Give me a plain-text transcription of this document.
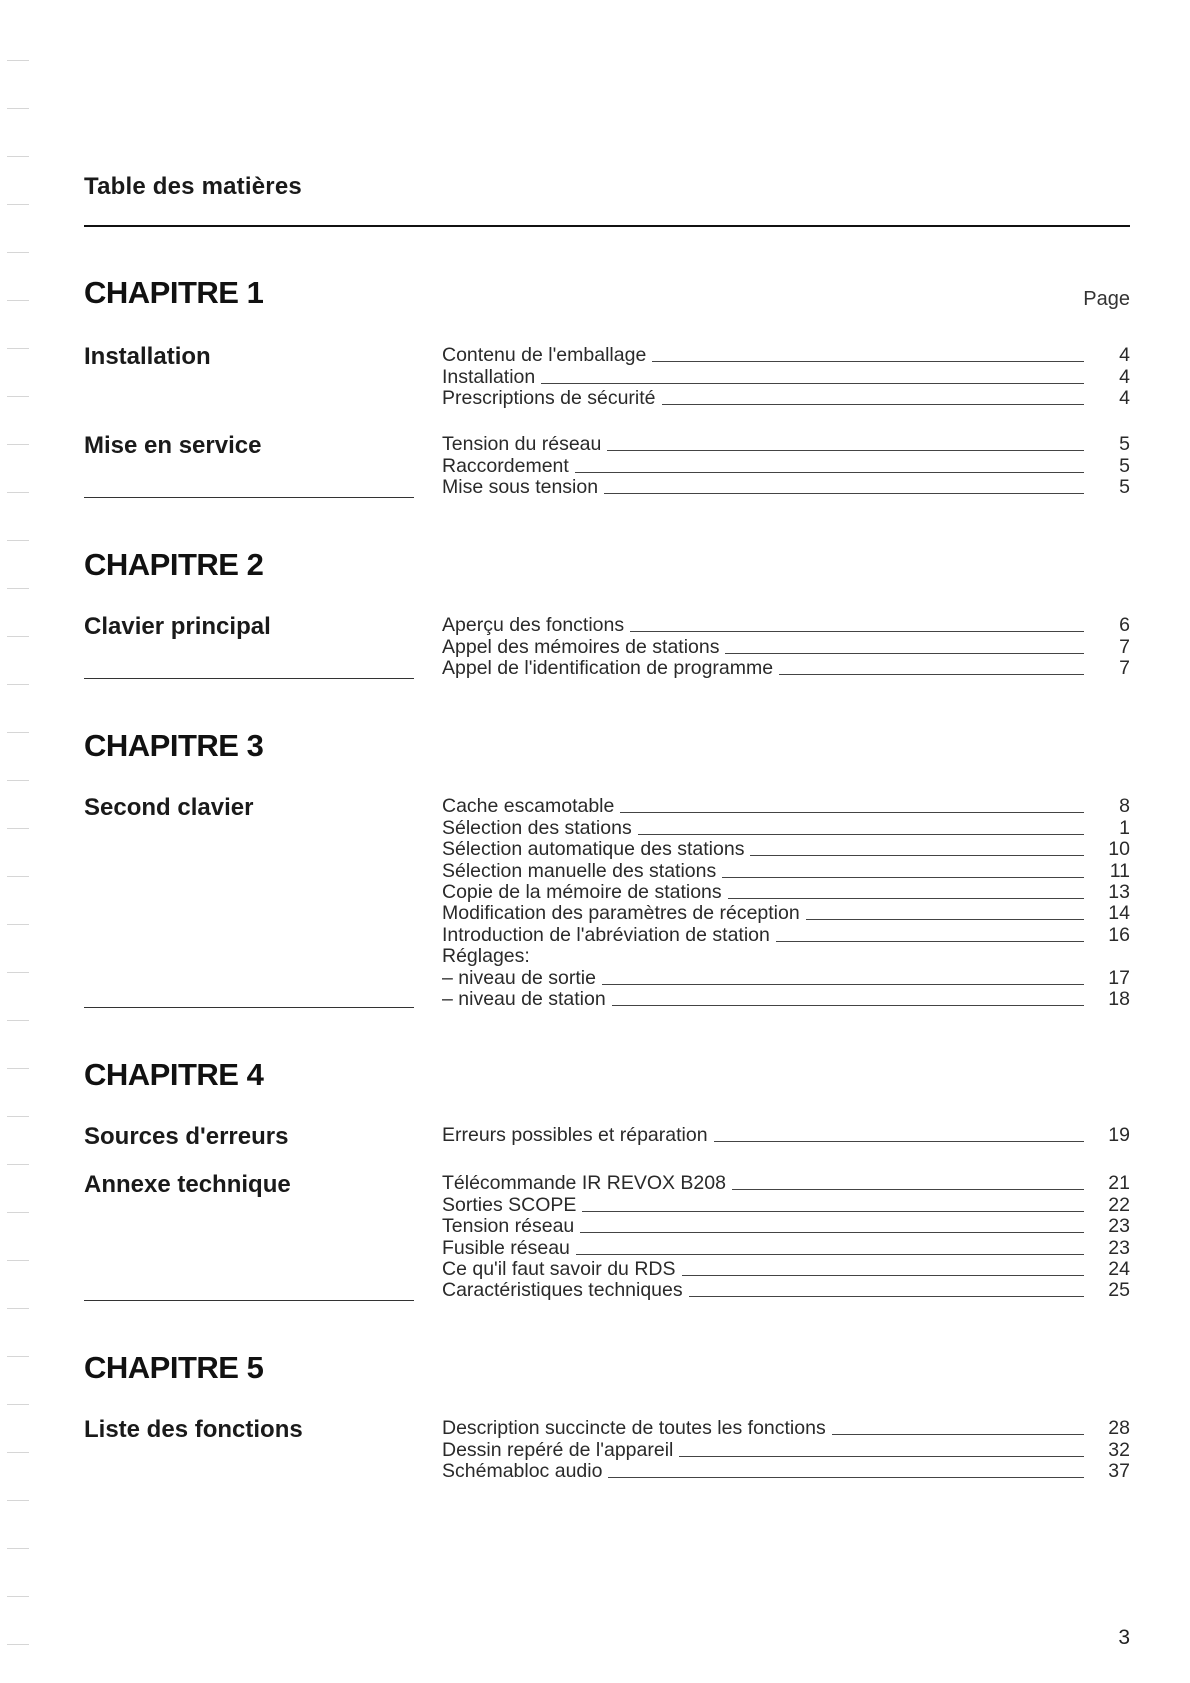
Table des matières
CHAPITRE 1	Page
Installation	Contenu de l'emballage	4
Installation	4
Prescriptions de sécurité	4
Mise en service	Tension du réseau	5
Raccordement	5
Mise sous tension	5
CHAPITRE 2
Clavier principal	Aperçu des fonctions	6
Appel des mémoires de stations	7
Appel de l'identification de programme	7
CHAPITRE 3
Second clavier	Cache escamotable	8
Sélection des stations	1
Sélection automatique des stations	10
Sélection manuelle des stations	11
Copie de la mémoire de stations	13
Modification des paramètres de réception	14
Introduction de l'abréviation de station	16
Réglages:
– niveau de sortie	17
– niveau de station	18
CHAPITRE 4
Sources d'erreurs	Erreurs possibles et réparation	19
Annexe technique	Télécommande IR REVOX B208	21
Sorties SCOPE	22
Tension réseau	23
Fusible réseau	23
Ce qu'il faut savoir du RDS	24
Caractéristiques techniques	25
CHAPITRE 5
Liste des fonctions	Description succincte de toutes les fonctions	28
Dessin repéré de l'appareil	32
Schémabloc audio	37
3
